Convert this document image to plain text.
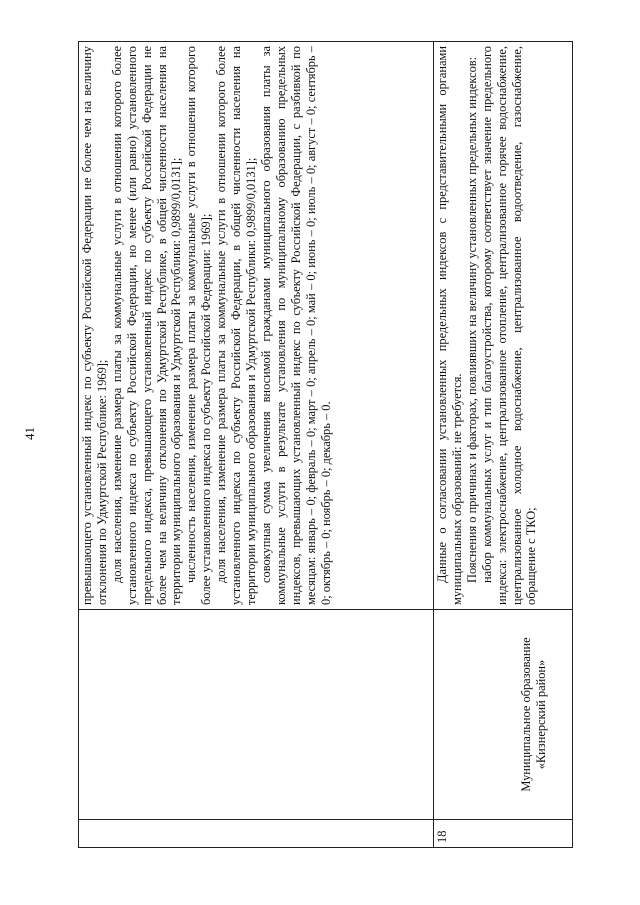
41

		превышающего установленный индекс по субъекту Российской Федерации не более чем на величину отклонения по Удмуртской Республике: 1969]; доля населения, изменение размера платы за коммунальные услуги в отношении которого более установленного индекса по субъекту Российской Федерации, но менее (или равно) установленного предельного индекса, превышающего установленный индекс по субъекту Российской Федерации не более чем на величину отклонения по Удмуртской Республике, в общей численности населения на территории муниципального образования и Удмуртской Республики: 0,9899/0,0131]; численность населения, изменение размера платы за коммунальные услуги в отношении которого более установленного индекса по субъекту Российской Федерации: 1969]; доля населения, изменение размера платы за коммунальные услуги в отношении которого более установленного индекса по субъекту Российской Федерации, в общей численности населения на территории муниципального образования и Удмуртской Республики: 0,9899/0,0131]; совокупная сумма увеличения вносимой гражданами муниципального образования платы за коммунальные услуги в результате установления по муниципальному образованию предельных индексов, превышающих установленный индекс по субъекту Российской Федерации, с разбивкой по месяцам: январь – 0; февраль – 0; март – 0; апрель – 0; май – 0; июнь – 0; июль – 0; август – 0; сентябрь – 0; октябрь – 0; ноябрь – 0; декабрь – 0.

18	Муниципальное образование «Кизнерский район»	Данные о согласовании установленных предельных индексов с представительными органами муниципальных образований: не требуется. Пояснения о причинах и факторах, повлиявших на величину установленных предельных индексов: набор коммунальных услуг и тип благоустройства, которому соответствует значение предельного индекса: электроснабжение, централизованное отопление, централизованное горячее водоснабжение, централизованное холодное водоснабжение, централизованное водоотведение, газоснабжение, обращение с ТКО;
